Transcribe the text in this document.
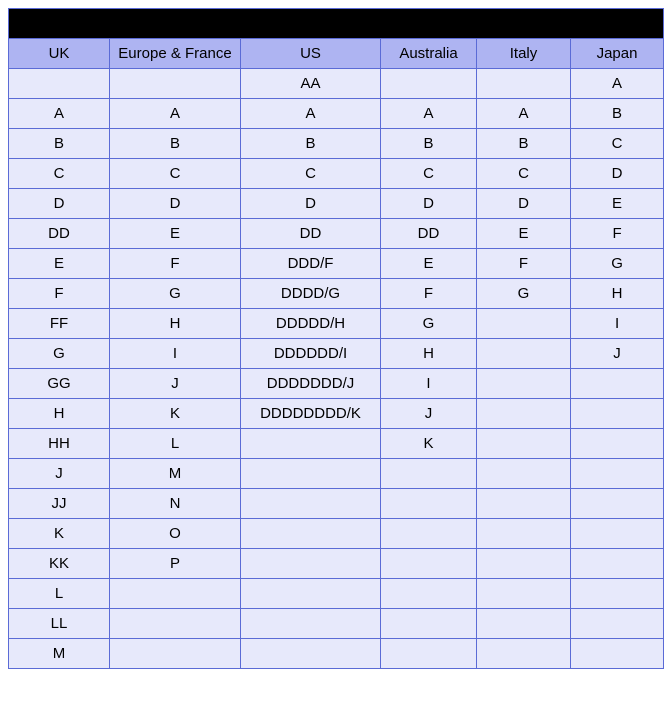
CUP SIZES					
UK	Europe & France	US	Australia	Italy	Japan
		AA			A
A	A	A	A	A	B
B	B	B	B	B	C
C	C	C	C	C	D
D	D	D	D	D	E
DD	E	DD	DD	E	F
E	F	DDD/F	E	F	G
F	G	DDDD/G	F	G	H
FF	H	DDDDD/H	G		I
G	I	DDDDDD/I	H		J
GG	J	DDDDDDD/J	I		
H	K	DDDDDDDD/K	J		
HH	L		K		
J	M				
JJ	N				
K	O				
KK	P				
L					
LL					
M					
